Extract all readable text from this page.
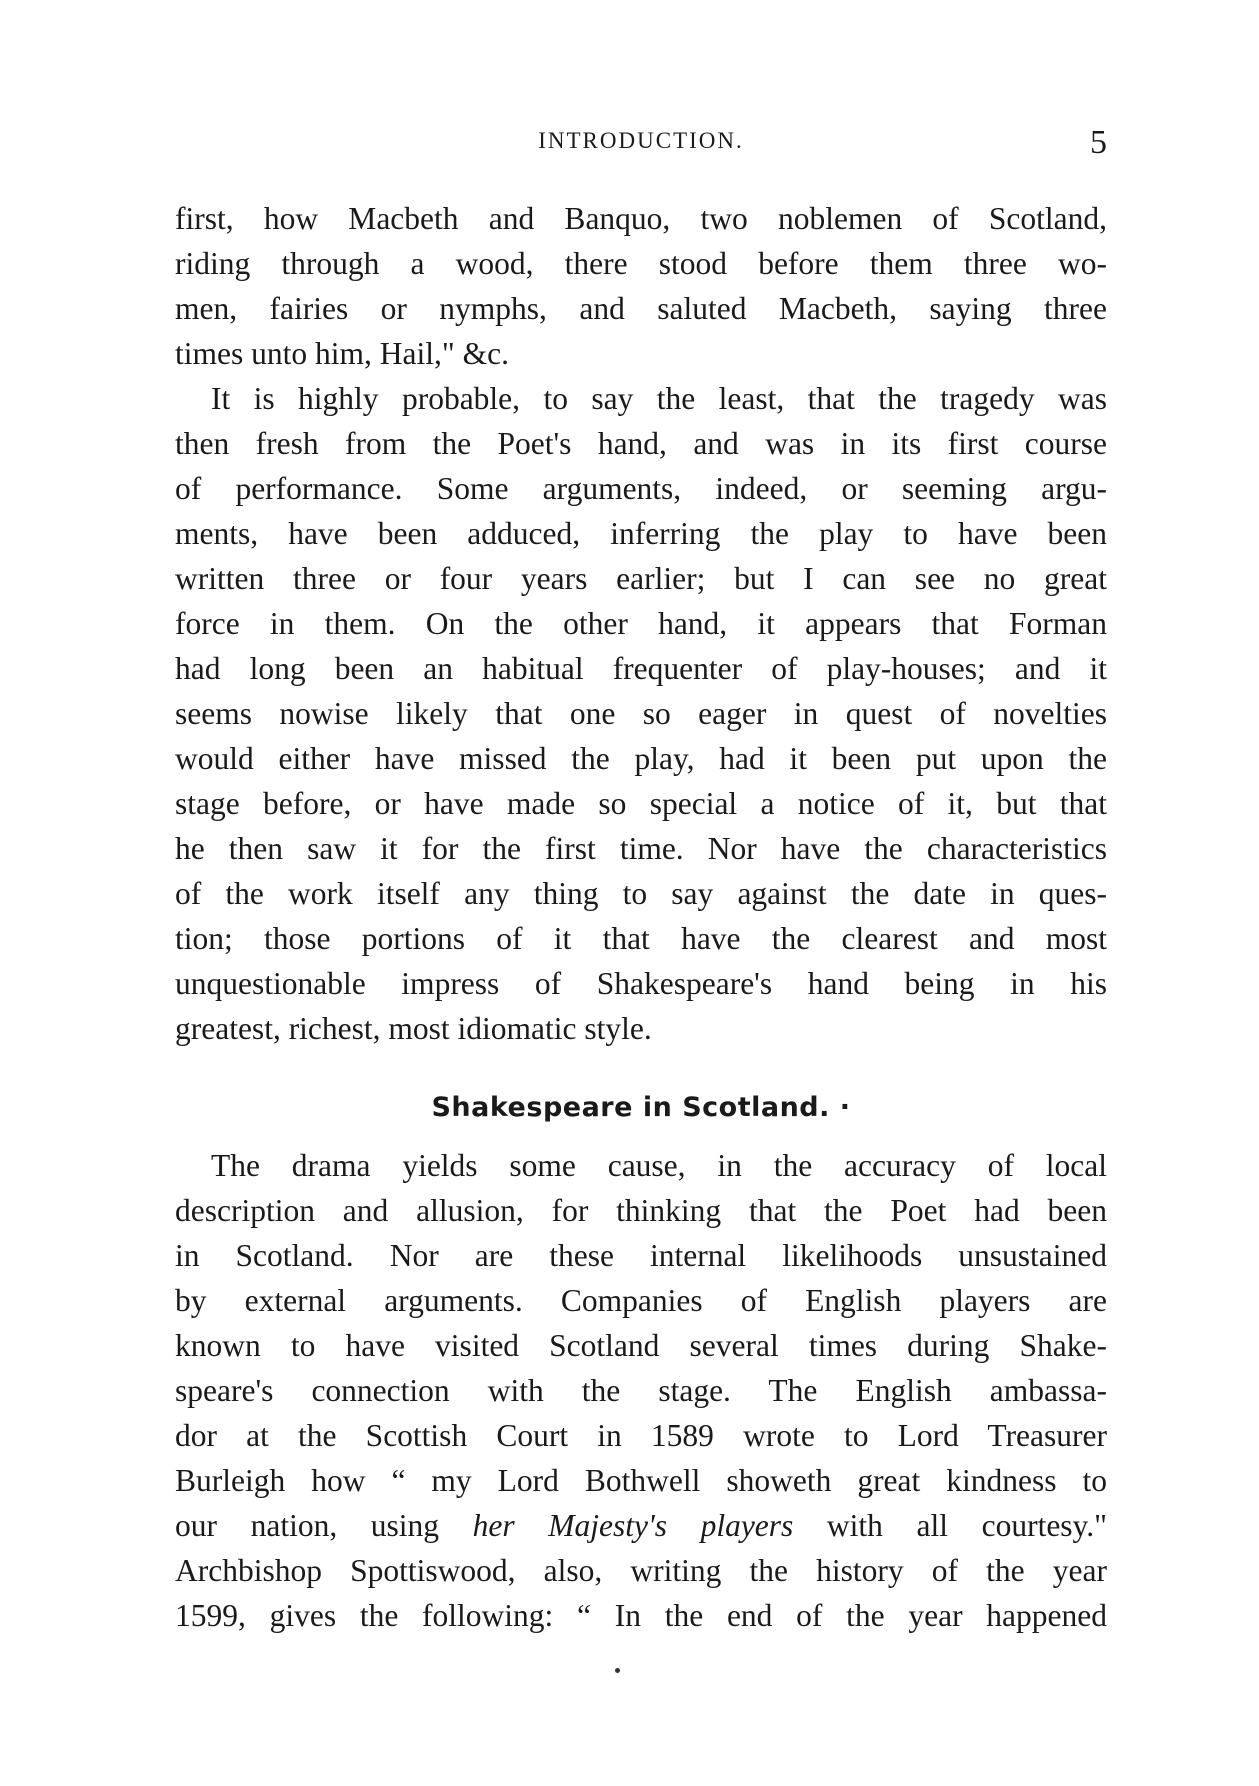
INTRODUCTION.	5
first, how Macbeth and Banquo, two noblemen of Scotland,
riding through a wood, there stood before them three wo-
men, fairies or nymphs, and saluted Macbeth, saying three
times unto him, Hail," &c.
It is highly probable, to say the least, that the tragedy was
then fresh from the Poet's hand, and was in its first course
of performance. Some arguments, indeed, or seeming argu-
ments, have been adduced, inferring the play to have been
written three or four years earlier; but I can see no great
force in them. On the other hand, it appears that Forman
had long been an habitual frequenter of play-houses; and it
seems nowise likely that one so eager in quest of novelties
would either have missed the play, had it been put upon the
stage before, or have made so special a notice of it, but that
he then saw it for the first time. Nor have the characteristics
of the work itself any thing to say against the date in ques-
tion; those portions of it that have the clearest and most
unquestionable impress of Shakespeare's hand being in his
greatest, richest, most idiomatic style.
Shakespeare in Scotland. ·
The drama yields some cause, in the accuracy of local
description and allusion, for thinking that the Poet had been
in Scotland. Nor are these internal likelihoods unsustained
by external arguments. Companies of English players are
known to have visited Scotland several times during Shake-
speare's connection with the stage. The English ambassa-
dor at the Scottish Court in 1589 wrote to Lord Treasurer
Burleigh how “ my Lord Bothwell showeth great kindness to
our nation, using her Majesty's players with all courtesy."
Archbishop Spottiswood, also, writing the history of the year
1599, gives the following: “ In the end of the year happened
